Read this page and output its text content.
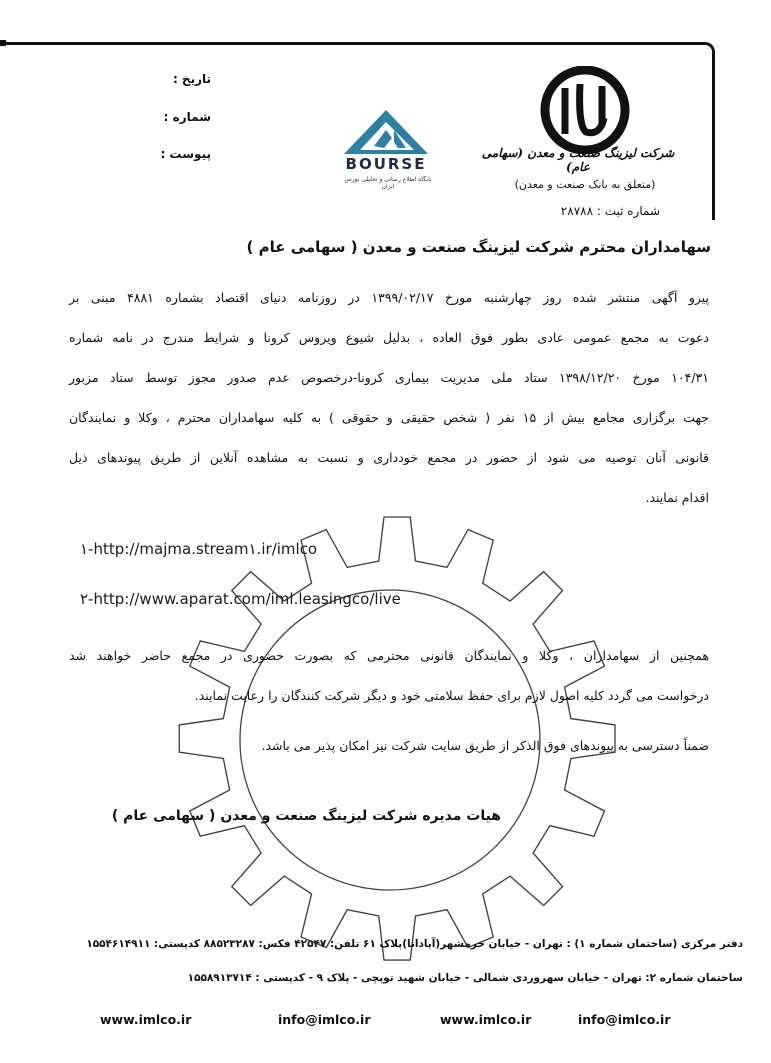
تاریخ :
شماره :
پیوست :
BOURSE
پایگاه اطلاع رسانی و تحلیلی بورس ایران
شرکت لیزینگ صنعت و معدن (سهامی عام)
(متعلق به بانک صنعت و معدن)
شماره ثبت : ۲۸۷۸۸
سهامداران محترم شرکت لیزینگ صنعت و معدن ( سهامی عام )
پیرو آگهی منتشر شده روز چهارشنبه مورخ ۱۳۹۹/۰۲/۱۷ در روزنامه دنیای اقتصاد بشماره ۴۸۸۱ مبنی بر
دعوت به مجمع عمومی عادی بطور فوق العاده ، بدلیل شیوع ویروس کرونا و شرایط مندرج در نامه شماره
۱۰۴/۳۱ مورخ ۱۳۹۸/۱۲/۲۰ ستاد ملی مدیریت بیماری کرونا-درخصوص عدم صدور مجوز توسط ستاد مزبور
جهت برگزاری مجامع بیش از ۱۵ نفر ( شخص حقیقی و حقوقی ) به کلیه سهامداران محترم ، وکلا و نمایندگان
قانونی آنان توصیه می شود از حضور در مجمع خودداری و نسبت به مشاهده آنلاین از طریق پیوندهای ذیل
اقدام نمایند.
۱-http://majma.stream۱.ir/imlco
۲-http://www.aparat.com/iml.leasingco/live
همچنین از سهامداران ، وکلا و نمایندگان قانونی محترمی که بصورت حضوری در مجمع حاضر خواهند شد
درخواست می گردد کلیه اصول لازم برای حفظ سلامتی خود و دیگر شرکت کنندگان را رعایت نمایند.
ضمناً دسترسی به پیوندهای فوق الذکر از طریق سایت شرکت نیز امکان پذیر می باشد.
هیات مدیره شرکت لیزینگ صنعت و معدن ( سهامی عام )
دفتر مرکزی (ساختمان شماره ۱) : تهران - خیابان خرمشهر(آپادانا)پلاک ۶۱ تلفن: ۴۲۵۴۷ فکس: ۸۸۵۲۳۲۸۷ کدپستی: ۱۵۵۴۶۱۴۹۱۱
ساختمان شماره ۲: تهران - خیابان سهروردی شمالی - خیابان شهید توپچی - پلاک ۹ - کدپستی : ۱۵۵۸۹۱۳۷۱۴
www.imlco.ir	info@imlco.ir	www.imlco.ir	info@imlco.ir
